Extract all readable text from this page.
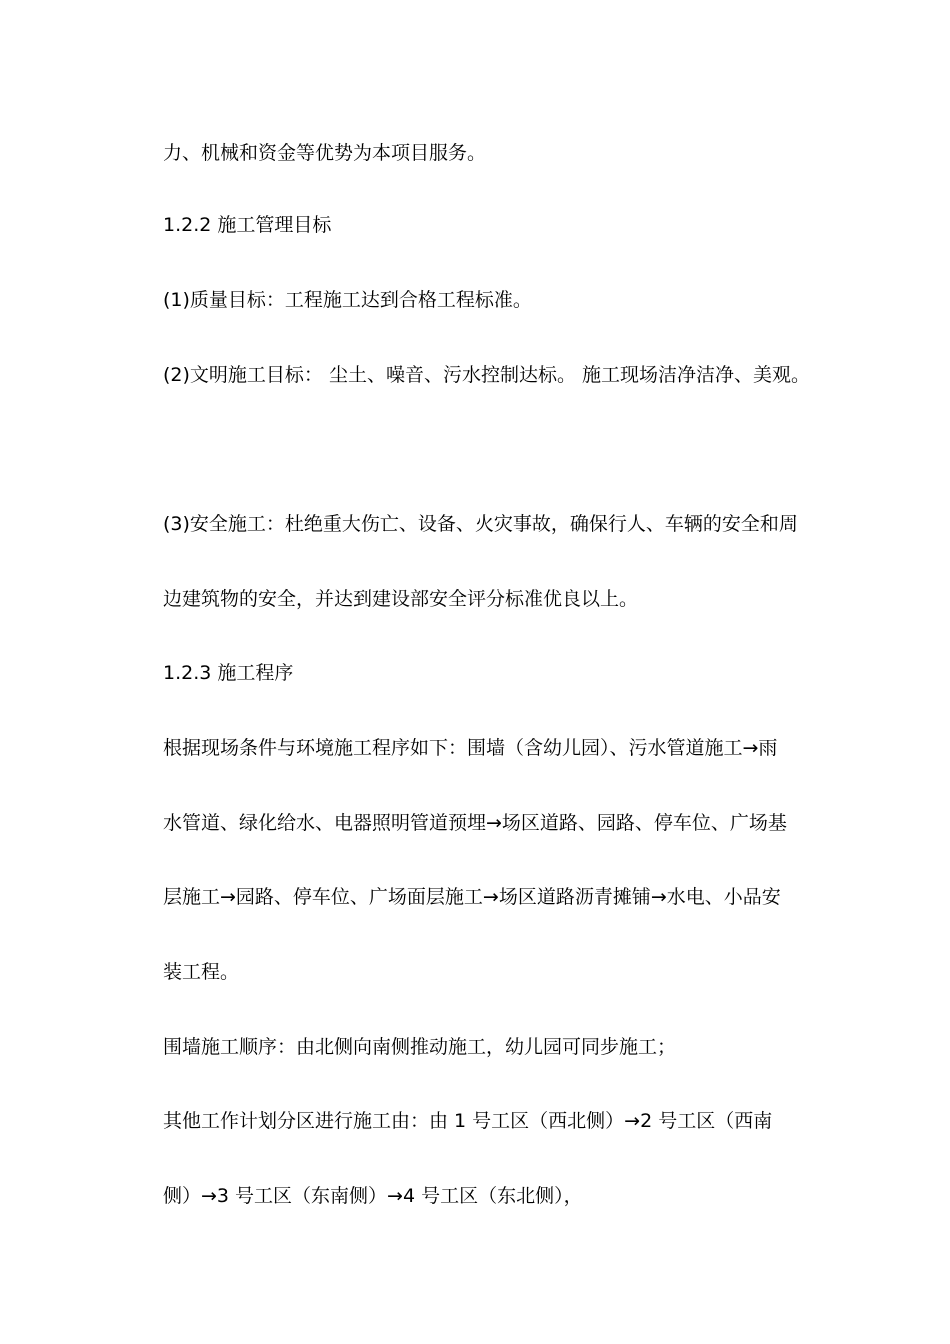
力、机械和资金等优势为本项目服务。
1.2.2 施工管理目标
(1)质量目标：工程施工达到合格工程标准。
(2)文明施工目标： 尘土、噪音、污水控制达标。 施工现场洁净洁净、美观。
(3)安全施工：杜绝重大伤亡、设备、火灾事故，确保行人、车辆的安全和周
边建筑物的安全，并达到建设部安全评分标准优良以上。
1.2.3 施工程序
根据现场条件与环境施工程序如下：围墙（含幼儿园）、污水管道施工→雨
水管道、绿化给水、电器照明管道预埋→场区道路、园路、停车位、广场基
层施工→园路、停车位、广场面层施工→场区道路沥青摊铺→水电、小品安
装工程。
围墙施工顺序：由北侧向南侧推动施工，幼儿园可同步施工；
其他工作计划分区进行施工由：由 1 号工区（西北侧）→2 号工区（西南
侧）→3 号工区（东南侧）→4 号工区（东北侧），
